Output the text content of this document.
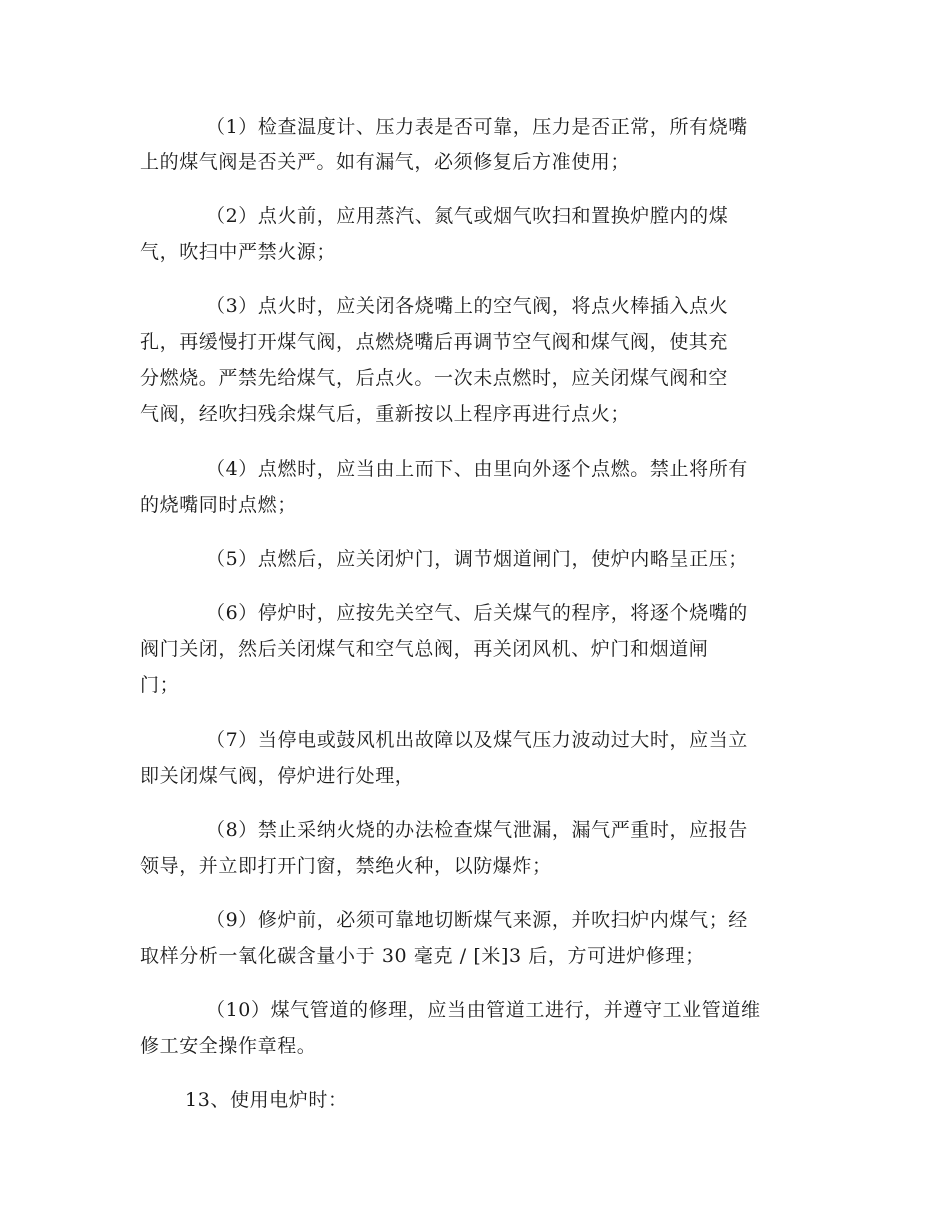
（1）检查温度计、压力表是否可靠，压力是否正常，所有烧嘴
上的煤气阀是否关严。如有漏气，必须修复后方准使用；
（2）点火前，应用蒸汽、氮气或烟气吹扫和置换炉膛内的煤
气，吹扫中严禁火源；
（3）点火时，应关闭各烧嘴上的空气阀，将点火棒插入点火
孔，再缓慢打开煤气阀，点燃烧嘴后再调节空气阀和煤气阀，使其充
分燃烧。严禁先给煤气，后点火。一次未点燃时，应关闭煤气阀和空
气阀，经吹扫残余煤气后，重新按以上程序再进行点火；
（4）点燃时，应当由上而下、由里向外逐个点燃。禁止将所有
的烧嘴同时点燃；
（5）点燃后，应关闭炉门，调节烟道闸门，使炉内略呈正压；
（6）停炉时，应按先关空气、后关煤气的程序，将逐个烧嘴的
阀门关闭，然后关闭煤气和空气总阀，再关闭风机、炉门和烟道闸
门；
（7）当停电或鼓风机出故障以及煤气压力波动过大时，应当立
即关闭煤气阀，停炉进行处理，
（8）禁止采纳火烧的办法检查煤气泄漏，漏气严重时，应报告
领导，并立即打开门窗，禁绝火种，以防爆炸；
（9）修炉前，必须可靠地切断煤气来源，并吹扫炉内煤气；经
取样分析一氧化碳含量小于 30 毫克 / [米]3 后，方可进炉修理；
（10）煤气管道的修理，应当由管道工进行，并遵守工业管道维
修工安全操作章程。
13、使用电炉时：
